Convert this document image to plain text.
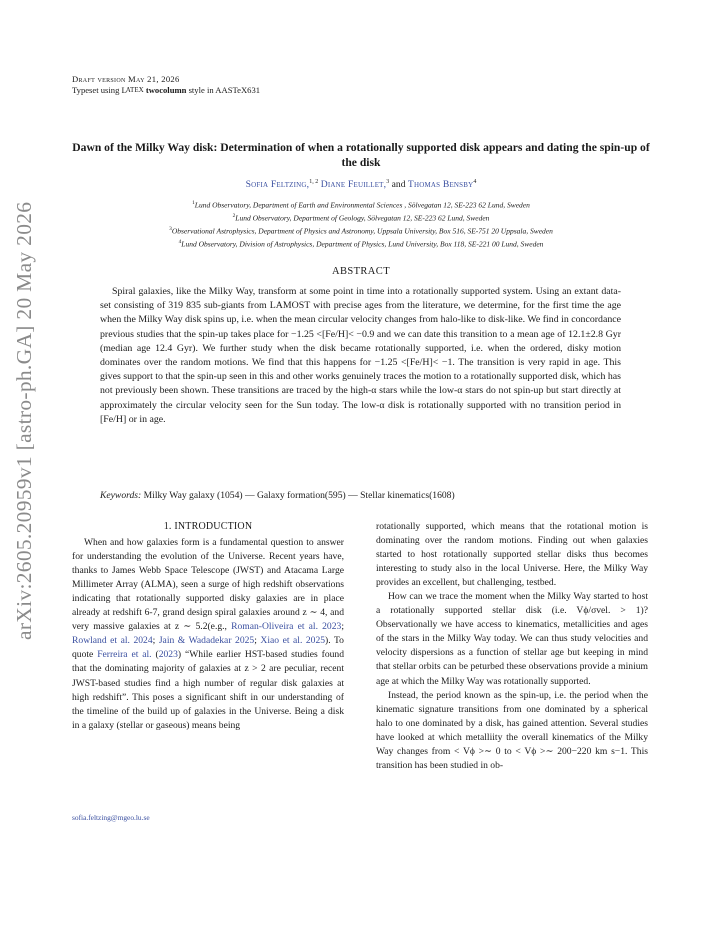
arXiv:2605.20959v1 [astro-ph.GA] 20 May 2026
Draft version May 21, 2026
Typeset using LATEX twocolumn style in AASTeX631
Dawn of the Milky Way disk: Determination of when a rotationally supported disk appears and dating the spin-up of the disk
Sofia Feltzing,$^{1, 2}$ Diane Feuillet,$^3$ and Thomas Bensby$^4$
$^1$Lund Observatory, Department of Earth and Environmental Sciences , Sölvegatan 12, SE-223 62 Lund, Sweden
$^2$Lund Observatory, Department of Geology, Sölvegatan 12, SE-223 62 Lund, Sweden
$^3$Observational Astrophysics, Department of Physics and Astronomy, Uppsala University, Box 516, SE-751 20 Uppsala, Sweden
$^4$Lund Observatory, Division of Astrophysics, Department of Physics, Lund University, Box 118, SE-221 00 Lund, Sweden
ABSTRACT
Spiral galaxies, like the Milky Way, transform at some point in time into a rotationally supported system. Using an extant data-set consisting of 319 835 sub-giants from LAMOST with precise ages from the literature, we determine, for the first time the age when the Milky Way disk spins up, i.e. when the mean circular velocity changes from halo-like to disk-like. We find in concordance previous studies that the spin-up takes place for −1.25 <[Fe/H]< −0.9 and we can date this transition to a mean age of 12.1±2.8 Gyr (median age 12.4 Gyr). We further study when the disk became rotationally supported, i.e. when the ordered, disky motion dominates over the random motions. We find that this happens for −1.25 <[Fe/H]< −1. The transition is very rapid in age. This gives support to that the spin-up seen in this and other works genuinely traces the motion to a rotationally supported disk, which has not previously been shown. These transitions are traced by the high-α stars while the low-α stars do not spin-up but start directly at approximately the circular velocity seen for the Sun today. The low-α disk is rotationally supported with no transition period in [Fe/H] or in age.
Keywords: Milky Way galaxy (1054) — Galaxy formation(595) — Stellar kinematics(1608)
1. INTRODUCTION

When and how galaxies form is a fundamental question to answer for understanding the evolution of the Universe. Recent years have, thanks to James Webb Space Telescope (JWST) and Atacama Large Millimeter Array (ALMA), seen a surge of high redshift observations indicating that rotationally supported disky galaxies are in place already at redshift 6-7, grand design spiral galaxies around z ∼ 4, and very massive galaxies at z ∼ 5.2(e.g., Roman-Oliveira et al. 2023; Rowland et al. 2024; Jain & Wadadekar 2025; Xiao et al. 2025). To quote Ferreira et al. (2023) “While earlier HST-based studies found that the dominating majority of galaxies at z > 2 are peculiar, recent JWST-based studies find a high number of regular disk galaxies at high redshift”. This poses a significant shift in our understanding of the timeline of the build up of galaxies in the Universe. Being a disk in a galaxy (stellar or gaseous) means being

rotationally supported, which means that the rotational motion is dominating over the random motions. Finding out when galaxies started to host rotationally supported stellar disks thus becomes interesting to study also in the local Universe. Here, the Milky Way provides an excellent, but challenging, testbed.

How can we trace the moment when the Milky Way started to host a rotationally supported stellar disk (i.e. Vϕ/σvel. > 1)? Observationally we have access to kinematics, metallicities and ages of the stars in the Milky Way today. We can thus study velocities and velocity dispersions as a function of stellar age but keeping in mind that stellar orbits can be peturbed these observations provide a minium age at which the Milky Way was rotationally supported.

Instead, the period known as the spin-up, i.e. the period when the kinematic signature transitions from one dominated by a spherical halo to one dominated by a disk, has gained attention. Several studies have looked at which metalliity the overall kinematics of the Milky Way changes from < Vϕ >∼ 0 to < Vϕ >∼ 200−220 km s−1. This transition has been studied in ob-

sofia.feltzing@mgeo.lu.se
